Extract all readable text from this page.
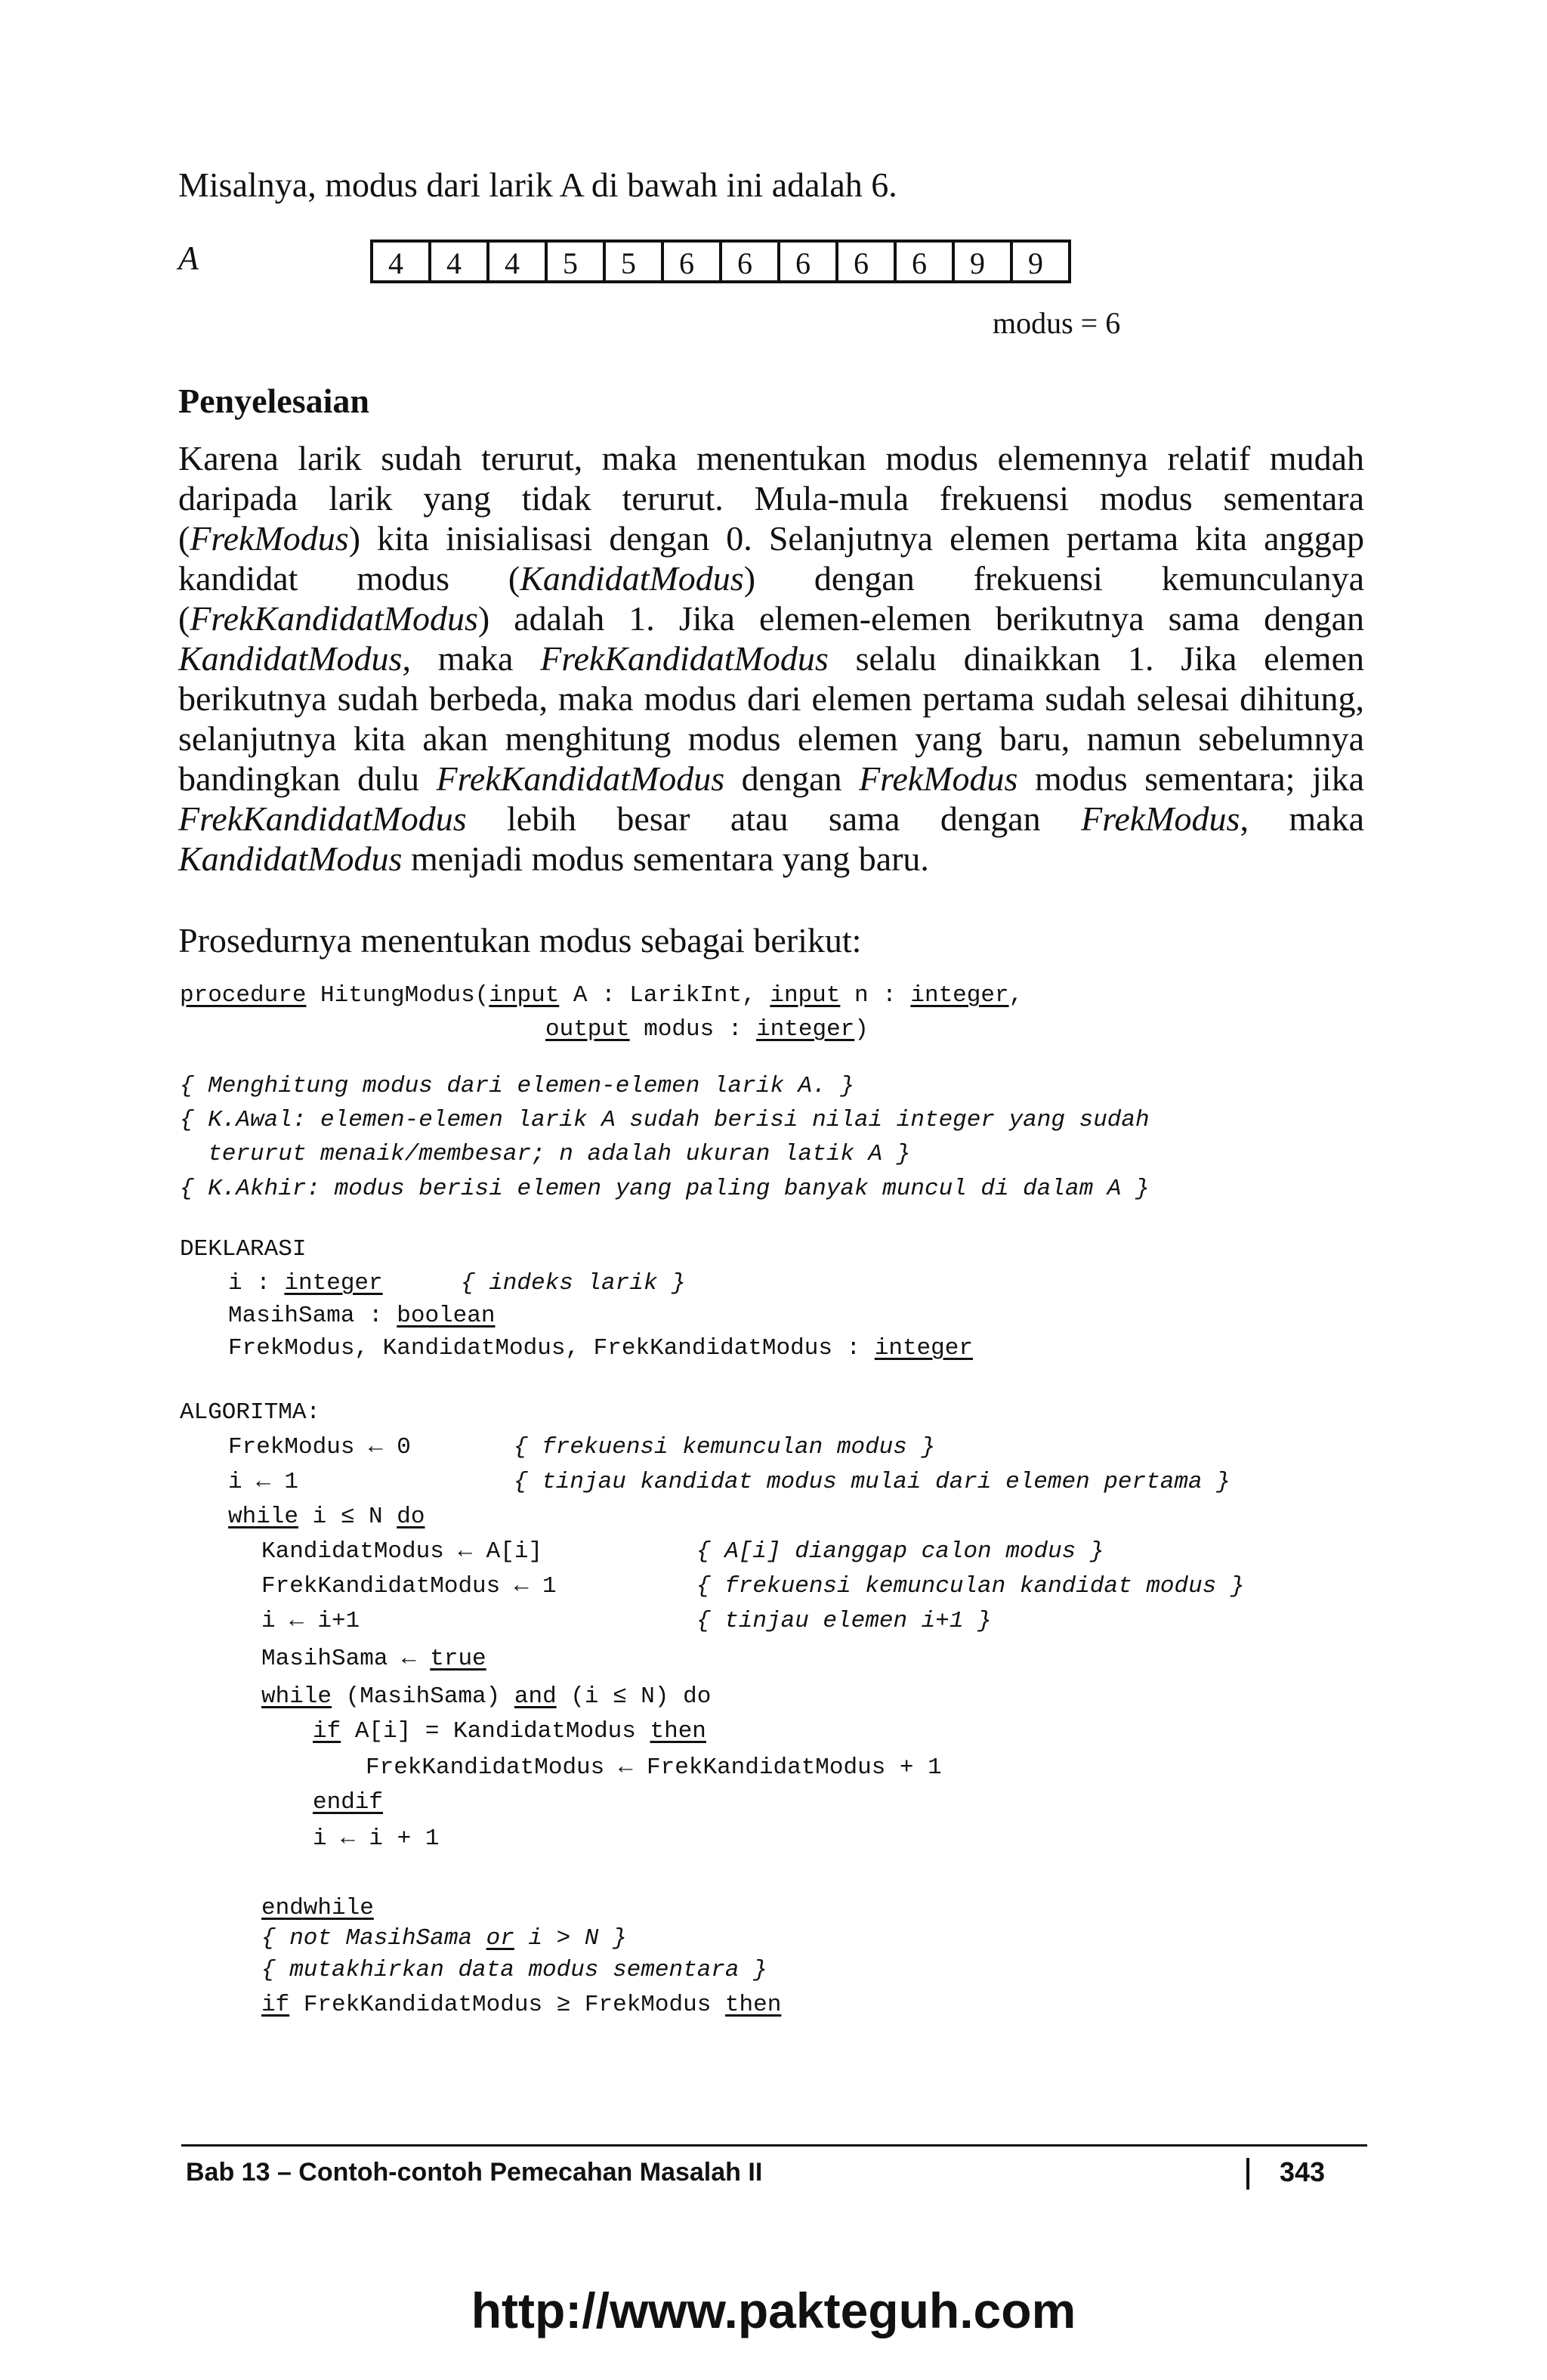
Misalnya, modus dari larik A di bawah ini adalah 6.
A	4	4	4	5	5	6	6	6	6	6	9	9
modus = 6
Penyelesaian

Karena larik sudah terurut, maka menentukan modus elemennya relatif mudah daripada larik yang tidak terurut. Mula-mula frekuensi modus sementara (FrekModus) kita inisialisasi dengan 0. Selanjutnya elemen pertama kita anggap kandidat modus (KandidatModus) dengan frekuensi kemunculanya (FrekKandidatModus) adalah 1. Jika elemen-elemen berikutnya sama dengan KandidatModus, maka FrekKandidatModus selalu dinaikkan 1. Jika elemen berikutnya sudah berbeda, maka modus dari elemen pertama sudah selesai dihitung, selanjutnya kita akan menghitung modus elemen yang baru, namun sebelumnya bandingkan dulu FrekKandidatModus dengan FrekModus modus sementara; jika FrekKandidatModus lebih besar atau sama dengan FrekModus, maka KandidatModus menjadi modus sementara yang baru.

Prosedurnya menentukan modus sebagai berikut:
procedure HitungModus(input A : LarikInt, input n : integer,
output modus : integer)
{ Menghitung modus dari elemen-elemen larik A. }
{ K.Awal: elemen-elemen larik A sudah berisi nilai integer yang sudah
terurut menaik/membesar; n adalah ukuran latik A }
{ K.Akhir: modus berisi elemen yang paling banyak muncul di dalam A }
DEKLARASI
i : integer	{ indeks larik }
MasihSama : boolean
FrekModus, KandidatModus, FrekKandidatModus : integer
ALGORITMA:
FrekModus ← 0	{ frekuensi kemunculan modus }
i ← 1	{ tinjau kandidat modus mulai dari elemen pertama }
while i ≤ N do
KandidatModus ← A[i]	{ A[i] dianggap calon modus }
FrekKandidatModus ← 1	{ frekuensi kemunculan kandidat modus }
i ← i+1	{ tinjau elemen i+1 }
MasihSama ← true
while (MasihSama) and (i ≤ N) do
if A[i] = KandidatModus then
FrekKandidatModus ← FrekKandidatModus + 1
endif
i ← i + 1
endwhile
{ not MasihSama or i > N }
{ mutakhirkan data modus sementara }
if FrekKandidatModus ≥ FrekModus then
Bab 13 – Contoh-contoh Pemecahan Masalah II	343
http://www.pakteguh.com
